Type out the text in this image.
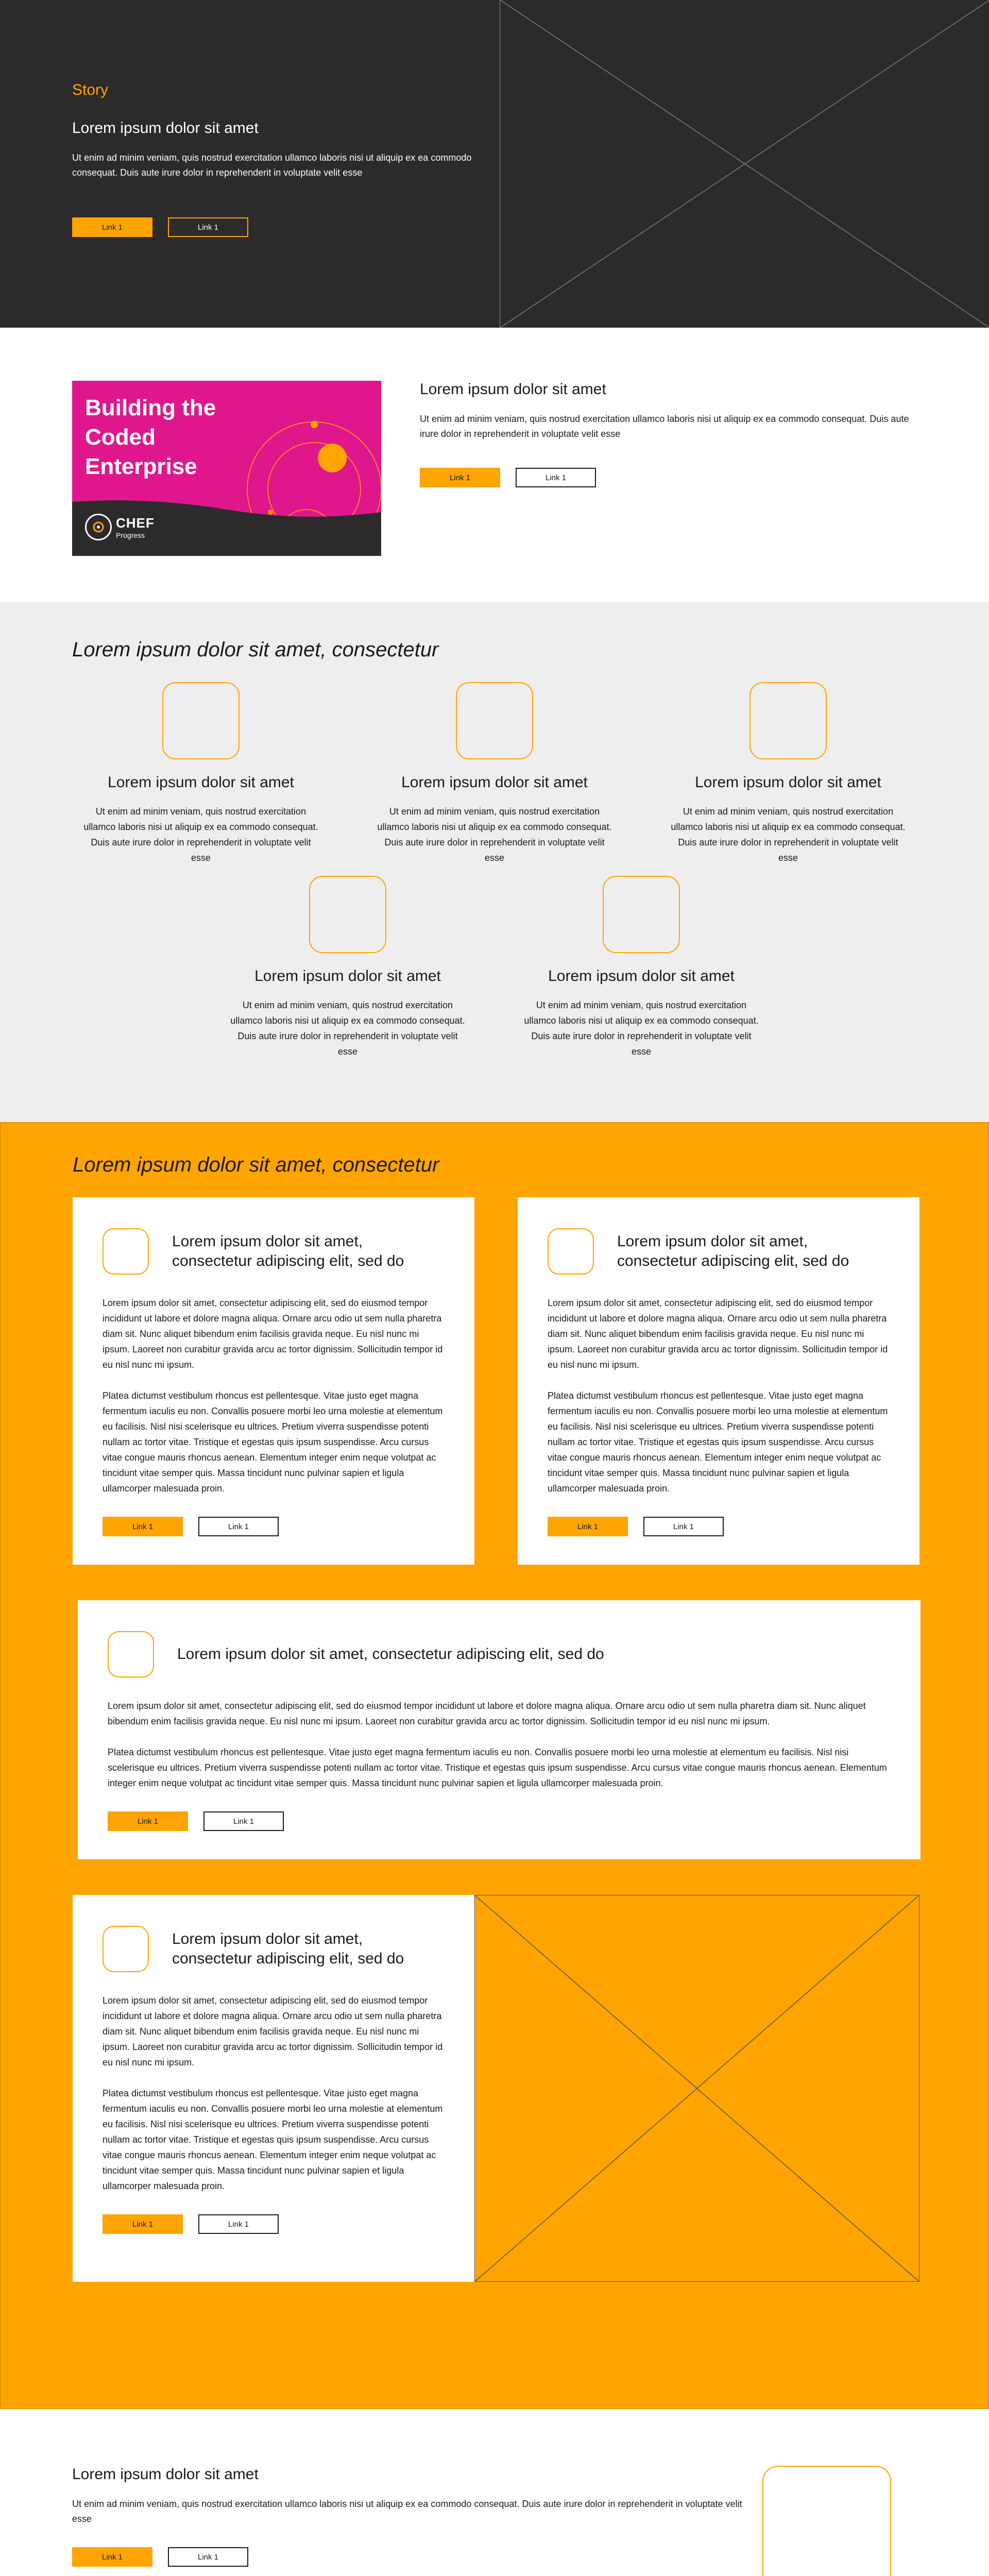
Story
Lorem ipsum dolor sit amet
Ut enim ad minim veniam, quis nostrud exercitation ullamco laboris nisi ut aliquip ex ea commodo consequat. Duis aute irure dolor in reprehenderit in voluptate velit esse
Link 1	Link 1
Building the Coded Enterprise
CHEF
Progress
Lorem ipsum dolor sit amet
Ut enim ad minim veniam, quis nostrud exercitation ullamco laboris nisi ut aliquip ex ea commodo consequat. Duis aute irure dolor in reprehenderit in voluptate velit esse
Link 1	Link 1
Lorem ipsum dolor sit amet, consectetur
Lorem ipsum dolor sit amet
Ut enim ad minim veniam, quis nostrud exercitation ullamco laboris nisi ut aliquip ex ea commodo consequat. Duis aute irure dolor in reprehenderit in voluptate velit esse
Lorem ipsum dolor sit amet
Ut enim ad minim veniam, quis nostrud exercitation ullamco laboris nisi ut aliquip ex ea commodo consequat. Duis aute irure dolor in reprehenderit in voluptate velit esse
Lorem ipsum dolor sit amet
Ut enim ad minim veniam, quis nostrud exercitation ullamco laboris nisi ut aliquip ex ea commodo consequat. Duis aute irure dolor in reprehenderit in voluptate velit esse
Lorem ipsum dolor sit amet
Ut enim ad minim veniam, quis nostrud exercitation ullamco laboris nisi ut aliquip ex ea commodo consequat. Duis aute irure dolor in reprehenderit in voluptate velit esse
Lorem ipsum dolor sit amet
Ut enim ad minim veniam, quis nostrud exercitation ullamco laboris nisi ut aliquip ex ea commodo consequat. Duis aute irure dolor in reprehenderit in voluptate velit esse
Lorem ipsum dolor sit amet, consectetur
Lorem ipsum dolor sit amet, consectetur adipiscing elit, sed do

Lorem ipsum dolor sit amet, consectetur adipiscing elit, sed do eiusmod tempor incididunt ut labore et dolore magna aliqua. Ornare arcu odio ut sem nulla pharetra diam sit. Nunc aliquet bibendum enim facilisis gravida neque. Eu nisl nunc mi ipsum. Laoreet non curabitur gravida arcu ac tortor dignissim. Sollicitudin tempor id eu nisl nunc mi ipsum.

Platea dictumst vestibulum rhoncus est pellentesque. Vitae justo eget magna fermentum iaculis eu non. Convallis posuere morbi leo urna molestie at elementum eu facilisis. Nisl nisi scelerisque eu ultrices. Pretium viverra suspendisse potenti nullam ac tortor vitae. Tristique et egestas quis ipsum suspendisse. Arcu cursus vitae congue mauris rhoncus aenean. Elementum integer enim neque volutpat ac tincidunt vitae semper quis. Massa tincidunt nunc pulvinar sapien et ligula ullamcorper malesuada proin.

Link 1	Link 1
Lorem ipsum dolor sit amet, consectetur adipiscing elit, sed do

Lorem ipsum dolor sit amet, consectetur adipiscing elit, sed do eiusmod tempor incididunt ut labore et dolore magna aliqua. Ornare arcu odio ut sem nulla pharetra diam sit. Nunc aliquet bibendum enim facilisis gravida neque. Eu nisl nunc mi ipsum. Laoreet non curabitur gravida arcu ac tortor dignissim. Sollicitudin tempor id eu nisl nunc mi ipsum.

Platea dictumst vestibulum rhoncus est pellentesque. Vitae justo eget magna fermentum iaculis eu non. Convallis posuere morbi leo urna molestie at elementum eu facilisis. Nisl nisi scelerisque eu ultrices. Pretium viverra suspendisse potenti nullam ac tortor vitae. Tristique et egestas quis ipsum suspendisse. Arcu cursus vitae congue mauris rhoncus aenean. Elementum integer enim neque volutpat ac tincidunt vitae semper quis. Massa tincidunt nunc pulvinar sapien et ligula ullamcorper malesuada proin.

Link 1	Link 1
Lorem ipsum dolor sit amet, consectetur adipiscing elit, sed do

Lorem ipsum dolor sit amet, consectetur adipiscing elit, sed do eiusmod tempor incididunt ut labore et dolore magna aliqua. Ornare arcu odio ut sem nulla pharetra diam sit. Nunc aliquet bibendum enim facilisis gravida neque. Eu nisl nunc mi ipsum. Laoreet non curabitur gravida arcu ac tortor dignissim. Sollicitudin tempor id eu nisl nunc mi ipsum.

Platea dictumst vestibulum rhoncus est pellentesque. Vitae justo eget magna fermentum iaculis eu non. Convallis posuere morbi leo urna molestie at elementum eu facilisis. Nisl nisi scelerisque eu ultrices. Pretium viverra suspendisse potenti nullam ac tortor vitae. Tristique et egestas quis ipsum suspendisse. Arcu cursus vitae congue mauris rhoncus aenean. Elementum integer enim neque volutpat ac tincidunt vitae semper quis. Massa tincidunt nunc pulvinar sapien et ligula ullamcorper malesuada proin.

Link 1	Link 1
Lorem ipsum dolor sit amet, consectetur adipiscing elit, sed do

Lorem ipsum dolor sit amet, consectetur adipiscing elit, sed do eiusmod tempor incididunt ut labore et dolore magna aliqua. Ornare arcu odio ut sem nulla pharetra diam sit. Nunc aliquet bibendum enim facilisis gravida neque. Eu nisl nunc mi ipsum. Laoreet non curabitur gravida arcu ac tortor dignissim. Sollicitudin tempor id eu nisl nunc mi ipsum.

Platea dictumst vestibulum rhoncus est pellentesque. Vitae justo eget magna fermentum iaculis eu non. Convallis posuere morbi leo urna molestie at elementum eu facilisis. Nisl nisi scelerisque eu ultrices. Pretium viverra suspendisse potenti nullam ac tortor vitae. Tristique et egestas quis ipsum suspendisse. Arcu cursus vitae congue mauris rhoncus aenean. Elementum integer enim neque volutpat ac tincidunt vitae semper quis. Massa tincidunt nunc pulvinar sapien et ligula ullamcorper malesuada proin.

Link 1	Link 1
Lorem ipsum dolor sit amet
Ut enim ad minim veniam, quis nostrud exercitation ullamco laboris nisi ut aliquip ex ea commodo consequat. Duis aute irure dolor in reprehenderit in voluptate velit esse
Link 1	Link 1
